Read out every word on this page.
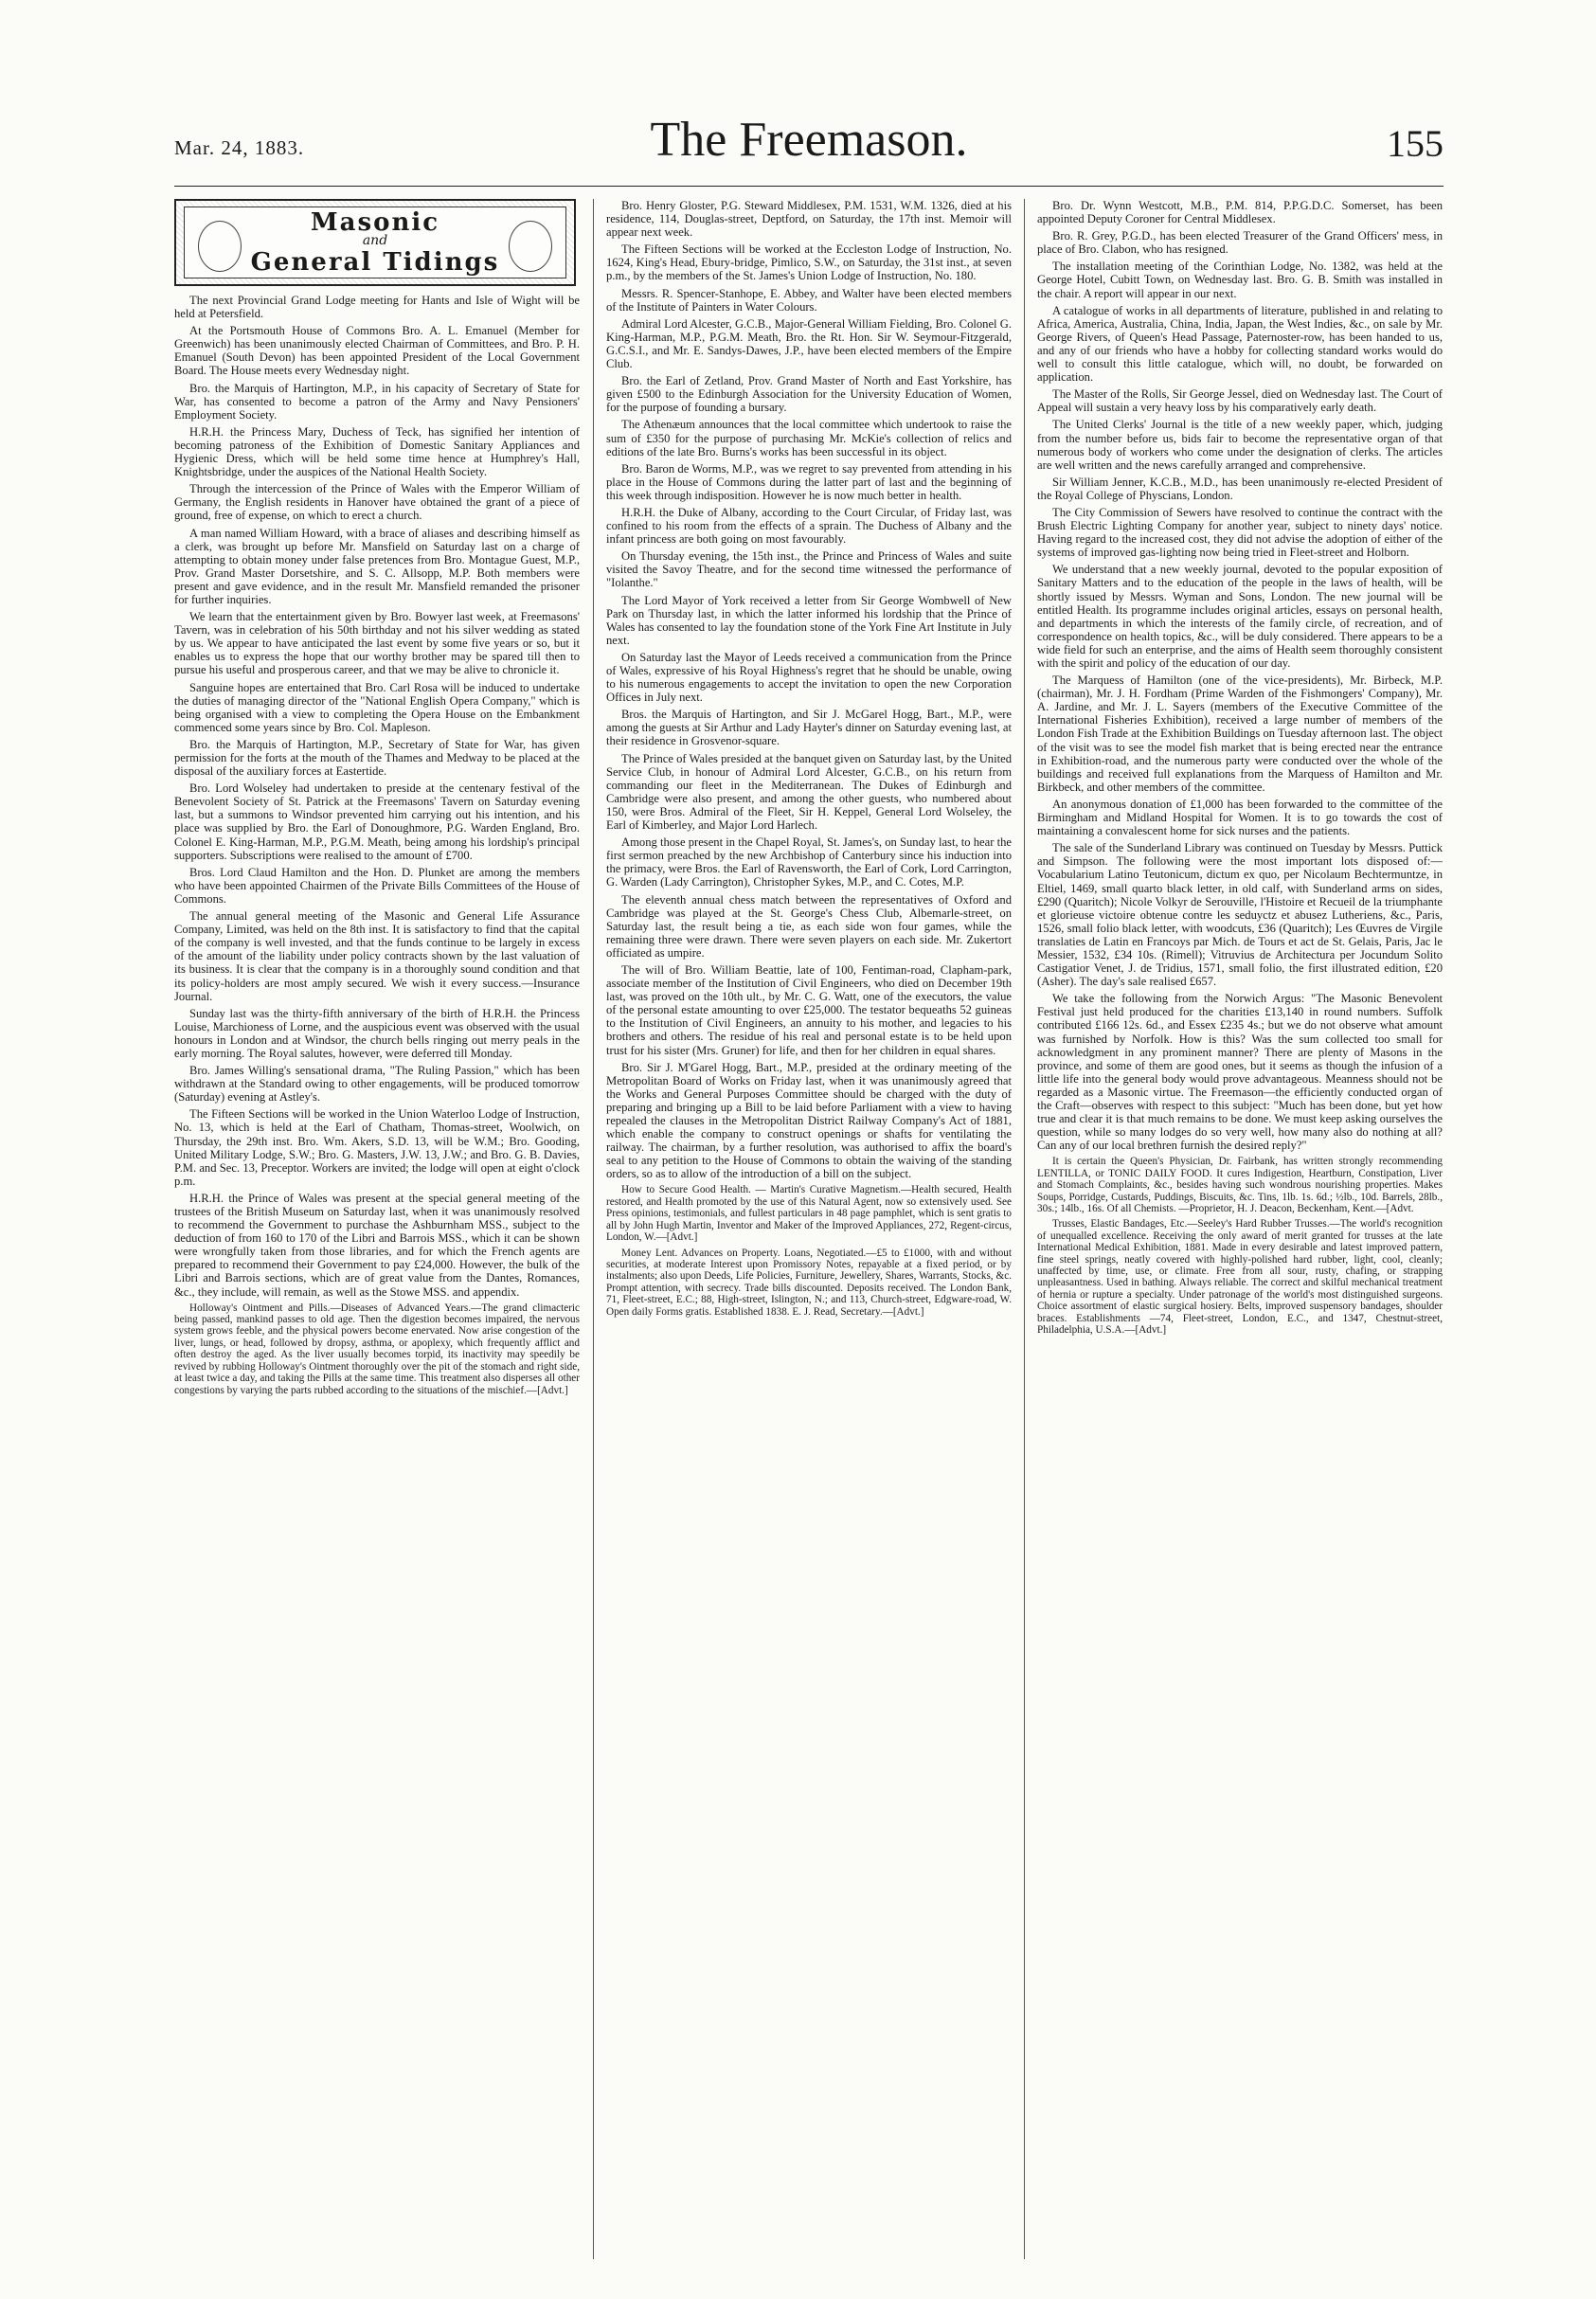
Mar. 24, 1883.	The Freemason.	155
Masonic
and
General Tidings

The next Provincial Grand Lodge meeting for Hants and Isle of Wight will be held at Petersfield.

At the Portsmouth House of Commons Bro. A. L. Emanuel (Member for Greenwich) has been unanimously elected Chairman of Committees, and Bro. P. H. Emanuel (South Devon) has been appointed President of the Local Government Board. The House meets every Wednesday night.

Bro. the Marquis of Hartington, M.P., in his capacity of Secretary of State for War, has consented to become a patron of the Army and Navy Pensioners' Employment Society.

H.R.H. the Princess Mary, Duchess of Teck, has signified her intention of becoming patroness of the Exhibition of Domestic Sanitary Appliances and Hygienic Dress, which will be held some time hence at Humphrey's Hall, Knightsbridge, under the auspices of the National Health Society.

Through the intercession of the Prince of Wales with the Emperor William of Germany, the English residents in Hanover have obtained the grant of a piece of ground, free of expense, on which to erect a church.

A man named William Howard, with a brace of aliases and describing himself as a clerk, was brought up before Mr. Mansfield on Saturday last on a charge of attempting to obtain money under false pretences from Bro. Montague Guest, M.P., Prov. Grand Master Dorsetshire, and S. C. Allsopp, M.P. Both members were present and gave evidence, and in the result Mr. Mansfield remanded the prisoner for further inquiries.

We learn that the entertainment given by Bro. Bowyer last week, at Freemasons' Tavern, was in celebration of his 50th birthday and not his silver wedding as stated by us. We appear to have anticipated the last event by some five years or so, but it enables us to express the hope that our worthy brother may be spared till then to pursue his useful and prosperous career, and that we may be alive to chronicle it.

Sanguine hopes are entertained that Bro. Carl Rosa will be induced to undertake the duties of managing director of the "National English Opera Company," which is being organised with a view to completing the Opera House on the Embankment commenced some years since by Bro. Col. Mapleson.

Bro. the Marquis of Hartington, M.P., Secretary of State for War, has given permission for the forts at the mouth of the Thames and Medway to be placed at the disposal of the auxiliary forces at Eastertide.

Bro. Lord Wolseley had undertaken to preside at the centenary festival of the Benevolent Society of St. Patrick at the Freemasons' Tavern on Saturday evening last, but a summons to Windsor prevented him carrying out his intention, and his place was supplied by Bro. the Earl of Donoughmore, P.G. Warden England, Bro. Colonel E. King-Harman, M.P., P.G.M. Meath, being among his lordship's principal supporters. Subscriptions were realised to the amount of £700.

Bros. Lord Claud Hamilton and the Hon. D. Plunket are among the members who have been appointed Chairmen of the Private Bills Committees of the House of Commons.

The annual general meeting of the Masonic and General Life Assurance Company, Limited, was held on the 8th inst. It is satisfactory to find that the capital of the company is well invested, and that the funds continue to be largely in excess of the amount of the liability under policy contracts shown by the last valuation of its business. It is clear that the company is in a thoroughly sound condition and that its policy-holders are most amply secured. We wish it every success.—Insurance Journal.

Sunday last was the thirty-fifth anniversary of the birth of H.R.H. the Princess Louise, Marchioness of Lorne, and the auspicious event was observed with the usual honours in London and at Windsor, the church bells ringing out merry peals in the early morning. The Royal salutes, however, were deferred till Monday.

Bro. James Willing's sensational drama, "The Ruling Passion," which has been withdrawn at the Standard owing to other engagements, will be produced tomorrow (Saturday) evening at Astley's.

The Fifteen Sections will be worked in the Union Waterloo Lodge of Instruction, No. 13, which is held at the Earl of Chatham, Thomas-street, Woolwich, on Thursday, the 29th inst. Bro. Wm. Akers, S.D. 13, will be W.M.; Bro. Gooding, United Military Lodge, S.W.; Bro. G. Masters, J.W. 13, J.W.; and Bro. G. B. Davies, P.M. and Sec. 13, Preceptor. Workers are invited; the lodge will open at eight o'clock p.m.

H.R.H. the Prince of Wales was present at the special general meeting of the trustees of the British Museum on Saturday last, when it was unanimously resolved to recommend the Government to purchase the Ashburnham MSS., subject to the deduction of from 160 to 170 of the Libri and Barrois MSS., which it can be shown were wrongfully taken from those libraries, and for which the French agents are prepared to recommend their Government to pay £24,000. However, the bulk of the Libri and Barrois sections, which are of great value from the Dantes, Romances, &c., they include, will remain, as well as the Stowe MSS. and appendix.

Holloway's Ointment and Pills.—Diseases of Advanced Years.—The grand climacteric being passed, mankind passes to old age. Then the digestion becomes impaired, the nervous system grows feeble, and the physical powers become enervated. Now arise congestion of the liver, lungs, or head, followed by dropsy, asthma, or apoplexy, which frequently afflict and often destroy the aged. As the liver usually becomes torpid, its inactivity may speedily be revived by rubbing Holloway's Ointment thoroughly over the pit of the stomach and right side, at least twice a day, and taking the Pills at the same time. This treatment also disperses all other congestions by varying the parts rubbed according to the situations of the mischief.—[Advt.]

Bro. Henry Gloster, P.G. Steward Middlesex, P.M. 1531, W.M. 1326, died at his residence, 114, Douglas-street, Deptford, on Saturday, the 17th inst. Memoir will appear next week.

The Fifteen Sections will be worked at the Eccleston Lodge of Instruction, No. 1624, King's Head, Ebury-bridge, Pimlico, S.W., on Saturday, the 31st inst., at seven p.m., by the members of the St. James's Union Lodge of Instruction, No. 180.

Messrs. R. Spencer-Stanhope, E. Abbey, and Walter have been elected members of the Institute of Painters in Water Colours.

Admiral Lord Alcester, G.C.B., Major-General William Fielding, Bro. Colonel G. King-Harman, M.P., P.G.M. Meath, Bro. the Rt. Hon. Sir W. Seymour-Fitzgerald, G.C.S.I., and Mr. E. Sandys-Dawes, J.P., have been elected members of the Empire Club.

Bro. the Earl of Zetland, Prov. Grand Master of North and East Yorkshire, has given £500 to the Edinburgh Association for the University Education of Women, for the purpose of founding a bursary.

The Athenæum announces that the local committee which undertook to raise the sum of £350 for the purpose of purchasing Mr. McKie's collection of relics and editions of the late Bro. Burns's works has been successful in its object.

Bro. Baron de Worms, M.P., was we regret to say prevented from attending in his place in the House of Commons during the latter part of last and the beginning of this week through indisposition. However he is now much better in health.

H.R.H. the Duke of Albany, according to the Court Circular, of Friday last, was confined to his room from the effects of a sprain. The Duchess of Albany and the infant princess are both going on most favourably.

On Thursday evening, the 15th inst., the Prince and Princess of Wales and suite visited the Savoy Theatre, and for the second time witnessed the performance of "Iolanthe."

The Lord Mayor of York received a letter from Sir George Wombwell of New Park on Thursday last, in which the latter informed his lordship that the Prince of Wales has consented to lay the foundation stone of the York Fine Art Institute in July next.

On Saturday last the Mayor of Leeds received a communication from the Prince of Wales, expressive of his Royal Highness's regret that he should be unable, owing to his numerous engagements to accept the invitation to open the new Corporation Offices in July next.

Bros. the Marquis of Hartington, and Sir J. McGarel Hogg, Bart., M.P., were among the guests at Sir Arthur and Lady Hayter's dinner on Saturday evening last, at their residence in Grosvenor-square.

The Prince of Wales presided at the banquet given on Saturday last, by the United Service Club, in honour of Admiral Lord Alcester, G.C.B., on his return from commanding our fleet in the Mediterranean. The Dukes of Edinburgh and Cambridge were also present, and among the other guests, who numbered about 150, were Bros. Admiral of the Fleet, Sir H. Keppel, General Lord Wolseley, the Earl of Kimberley, and Major Lord Harlech.

Among those present in the Chapel Royal, St. James's, on Sunday last, to hear the first sermon preached by the new Archbishop of Canterbury since his induction into the primacy, were Bros. the Earl of Ravensworth, the Earl of Cork, Lord Carrington, G. Warden (Lady Carrington), Christopher Sykes, M.P., and C. Cotes, M.P.

The eleventh annual chess match between the representatives of Oxford and Cambridge was played at the St. George's Chess Club, Albemarle-street, on Saturday last, the result being a tie, as each side won four games, while the remaining three were drawn. There were seven players on each side. Mr. Zukertort officiated as umpire.

The will of Bro. William Beattie, late of 100, Fentiman-road, Clapham-park, associate member of the Institution of Civil Engineers, who died on December 19th last, was proved on the 10th ult., by Mr. C. G. Watt, one of the executors, the value of the personal estate amounting to over £25,000. The testator bequeaths 52 guineas to the Institution of Civil Engineers, an annuity to his mother, and legacies to his brothers and others. The residue of his real and personal estate is to be held upon trust for his sister (Mrs. Gruner) for life, and then for her children in equal shares.

Bro. Sir J. M'Garel Hogg, Bart., M.P., presided at the ordinary meeting of the Metropolitan Board of Works on Friday last, when it was unanimously agreed that the Works and General Purposes Committee should be charged with the duty of preparing and bringing up a Bill to be laid before Parliament with a view to having repealed the clauses in the Metropolitan District Railway Company's Act of 1881, which enable the company to construct openings or shafts for ventilating the railway. The chairman, by a further resolution, was authorised to affix the board's seal to any petition to the House of Commons to obtain the waiving of the standing orders, so as to allow of the introduction of a bill on the subject.

How to Secure Good Health. — Martin's Curative Magnetism.—Health secured, Health restored, and Health promoted by the use of this Natural Agent, now so extensively used. See Press opinions, testimonials, and fullest particulars in 48 page pamphlet, which is sent gratis to all by John Hugh Martin, Inventor and Maker of the Improved Appliances, 272, Regent-circus, London, W.—[Advt.]

Money Lent. Advances on Property. Loans, Negotiated.—£5 to £1000, with and without securities, at moderate Interest upon Promissory Notes, repayable at a fixed period, or by instalments; also upon Deeds, Life Policies, Furniture, Jewellery, Shares, Warrants, Stocks, &c. Prompt attention, with secrecy. Trade bills discounted. Deposits received. The London Bank, 71, Fleet-street, E.C.; 88, High-street, Islington, N.; and 113, Church-street, Edgware-road, W. Open daily Forms gratis. Established 1838. E. J. Read, Secretary.—[Advt.]

Bro. Dr. Wynn Westcott, M.B., P.M. 814, P.P.G.D.C. Somerset, has been appointed Deputy Coroner for Central Middlesex.

Bro. R. Grey, P.G.D., has been elected Treasurer of the Grand Officers' mess, in place of Bro. Clabon, who has resigned.

The installation meeting of the Corinthian Lodge, No. 1382, was held at the George Hotel, Cubitt Town, on Wednesday last. Bro. G. B. Smith was installed in the chair. A report will appear in our next.

A catalogue of works in all departments of literature, published in and relating to Africa, America, Australia, China, India, Japan, the West Indies, &c., on sale by Mr. George Rivers, of Queen's Head Passage, Paternoster-row, has been handed to us, and any of our friends who have a hobby for collecting standard works would do well to consult this little catalogue, which will, no doubt, be forwarded on application.

The Master of the Rolls, Sir George Jessel, died on Wednesday last. The Court of Appeal will sustain a very heavy loss by his comparatively early death.

The United Clerks' Journal is the title of a new weekly paper, which, judging from the number before us, bids fair to become the representative organ of that numerous body of workers who come under the designation of clerks. The articles are well written and the news carefully arranged and comprehensive.

Sir William Jenner, K.C.B., M.D., has been unanimously re-elected President of the Royal College of Physcians, London.

The City Commission of Sewers have resolved to continue the contract with the Brush Electric Lighting Company for another year, subject to ninety days' notice. Having regard to the increased cost, they did not advise the adoption of either of the systems of improved gas-lighting now being tried in Fleet-street and Holborn.

We understand that a new weekly journal, devoted to the popular exposition of Sanitary Matters and to the education of the people in the laws of health, will be shortly issued by Messrs. Wyman and Sons, London. The new journal will be entitled Health. Its programme includes original articles, essays on personal health, and departments in which the interests of the family circle, of recreation, and of correspondence on health topics, &c., will be duly considered. There appears to be a wide field for such an enterprise, and the aims of Health seem thoroughly consistent with the spirit and policy of the education of our day.

The Marquess of Hamilton (one of the vice-presidents), Mr. Birbeck, M.P. (chairman), Mr. J. H. Fordham (Prime Warden of the Fishmongers' Company), Mr. A. Jardine, and Mr. J. L. Sayers (members of the Executive Committee of the International Fisheries Exhibition), received a large number of members of the London Fish Trade at the Exhibition Buildings on Tuesday afternoon last. The object of the visit was to see the model fish market that is being erected near the entrance in Exhibition-road, and the numerous party were conducted over the whole of the buildings and received full explanations from the Marquess of Hamilton and Mr. Birkbeck, and other members of the committee.

An anonymous donation of £1,000 has been forwarded to the committee of the Birmingham and Midland Hospital for Women. It is to go towards the cost of maintaining a convalescent home for sick nurses and the patients.

The sale of the Sunderland Library was continued on Tuesday by Messrs. Puttick and Simpson. The following were the most important lots disposed of:— Vocabularium Latino Teutonicum, dictum ex quo, per Nicolaum Bechtermuntze, in Eltiel, 1469, small quarto black letter, in old calf, with Sunderland arms on sides, £290 (Quaritch); Nicole Volkyr de Serouville, l'Histoire et Recueil de la triumphante et glorieuse victoire obtenue contre les seduyctz et abusez Lutheriens, &c., Paris, 1526, small folio black letter, with woodcuts, £36 (Quaritch); Les Œuvres de Virgile translaties de Latin en Francoys par Mich. de Tours et act de St. Gelais, Paris, Jac le Messier, 1532, £34 10s. (Rimell); Vitruvius de Architectura per Jocundum Solito Castigatior Venet, J. de Tridius, 1571, small folio, the first illustrated edition, £20 (Asher). The day's sale realised £657.

We take the following from the Norwich Argus: "The Masonic Benevolent Festival just held produced for the charities £13,140 in round numbers. Suffolk contributed £166 12s. 6d., and Essex £235 4s.; but we do not observe what amount was furnished by Norfolk. How is this? Was the sum collected too small for acknowledgment in any prominent manner? There are plenty of Masons in the province, and some of them are good ones, but it seems as though the infusion of a little life into the general body would prove advantageous. Meanness should not be regarded as a Masonic virtue. The Freemason—the efficiently conducted organ of the Craft—observes with respect to this subject: "Much has been done, but yet how true and clear it is that much remains to be done. We must keep asking ourselves the question, while so many lodges do so very well, how many also do nothing at all? Can any of our local brethren furnish the desired reply?"

It is certain the Queen's Physician, Dr. Fairbank, has written strongly recommending LENTILLA, or TONIC DAILY FOOD. It cures Indigestion, Heartburn, Constipation, Liver and Stomach Complaints, &c., besides having such wondrous nourishing properties. Makes Soups, Porridge, Custards, Puddings, Biscuits, &c. Tins, 1lb. 1s. 6d.; ½lb., 10d. Barrels, 28lb., 30s.; 14lb., 16s. Of all Chemists. —Proprietor, H. J. Deacon, Beckenham, Kent.—[Advt.

Trusses, Elastic Bandages, Etc.—Seeley's Hard Rubber Trusses.—The world's recognition of unequalled excellence. Receiving the only award of merit granted for trusses at the late International Medical Exhibition, 1881. Made in every desirable and latest improved pattern, fine steel springs, neatly covered with highly-polished hard rubber, light, cool, cleanly; unaffected by time, use, or climate. Free from all sour, rusty, chafing, or strapping unpleasantness. Used in bathing. Always reliable. The correct and skilful mechanical treatment of hernia or rupture a specialty. Under patronage of the world's most distinguished surgeons. Choice assortment of elastic surgical hosiery. Belts, improved suspensory bandages, shoulder braces. Establishments —74, Fleet-street, London, E.C., and 1347, Chestnut-street, Philadelphia, U.S.A.—[Advt.]
